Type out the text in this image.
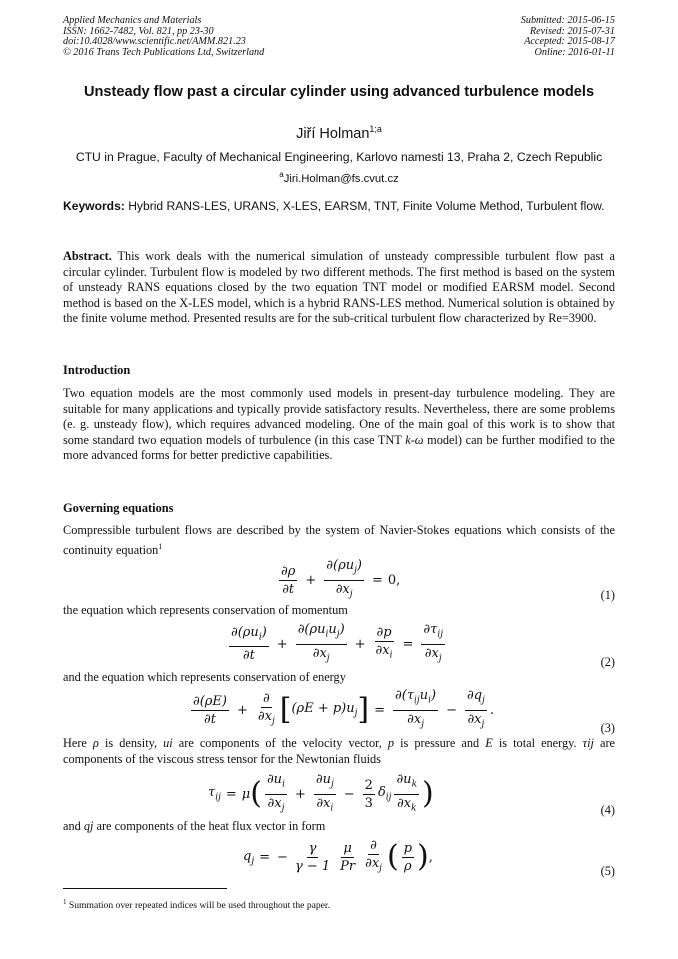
Applied Mechanics and Materials
ISSN: 1662-7482, Vol. 821, pp 23-30
doi:10.4028/www.scientific.net/AMM.821.23
© 2016 Trans Tech Publications Ltd, Switzerland
Submitted: 2015-06-15
Revised: 2015-07-31
Accepted: 2015-08-17
Online: 2016-01-11
Unsteady flow past a circular cylinder using advanced turbulence models
Jiří Holman$^{1;a}$
CTU in Prague, Faculty of Mechanical Engineering, Karlovo namesti 13, Praha 2, Czech Republic
$^a$Jiri.Holman@fs.cvut.cz
Keywords: Hybrid RANS-LES, URANS, X-LES, EARSM, TNT, Finite Volume Method, Turbulent flow.
Abstract. This work deals with the numerical simulation of unsteady compressible turbulent flow past a circular cylinder. Turbulent flow is modeled by two different methods. The first method is based on the system of unsteady RANS equations closed by the two equation TNT model or modified EARSM model. Second method is based on the X-LES model, which is a hybrid RANS-LES method. Numerical solution is obtained by the finite volume method. Presented results are for the sub-critical turbulent flow characterized by Re=3900.
Introduction
Two equation models are the most commonly used models in present-day turbulence modeling. They are suitable for many applications and typically provide satisfactory results. Nevertheless, there are some problems (e. g. unsteady flow), which requires advanced modeling. One of the main goal of this work is to show that some standard two equation models of turbulence (in this case TNT k-ω model) can be further modified to the more advanced forms for better predictive capabilities.
Governing equations
Compressible turbulent flows are described by the system of Navier-Stokes equations which consists of the continuity equation$^1$
$\frac{\partial\rho}{\partial t} + \frac{\partial(\rho u_j)}{\partial x_j} = 0$,
(1)
the equation which represents conservation of momentum
$\frac{\partial(\rho u_i)}{\partial t} + \frac{\partial(\rho u_iu_j)}{\partial x_j} + \frac{\partial p}{\partial x_i} = \frac{\partial\tau_{ij}}{\partial x_j}$	(2)
and the equation which represents conservation of energy
$\frac{\partial(\rho E)}{\partial t} + \frac{\partial}{\partial x_j}$ [ $(\rho E + p)u_j$ ] = $\frac{\partial(\tau_{ij}u_i)}{\partial x_j} - \frac{\partial q_j}{\partial x_j}$ .
(3)
Here ρ is density, ui are components of the velocity vector, p is pressure and E is total energy. τij are components of the viscous stress tensor for the Newtonian fluids
$\tau_{ij} = \mu$ ( $\frac{\partial u_i}{\partial x_j} + \frac{\partial u_j}{\partial x_i} - \frac{2}{3} \delta_{ij} \frac{\partial u_k}{\partial x_k}$ )	(4)
and qj are components of the heat flux vector in form
$q_j$ = − $\frac{\gamma}{\gamma - 1} \frac{\mu}{Pr} \frac{\partial}{\partial x_j}$ ( $\frac{p}{\rho}$ ) ,
(5)
$^1$ Summation over repeated indices will be used throughout the paper.
